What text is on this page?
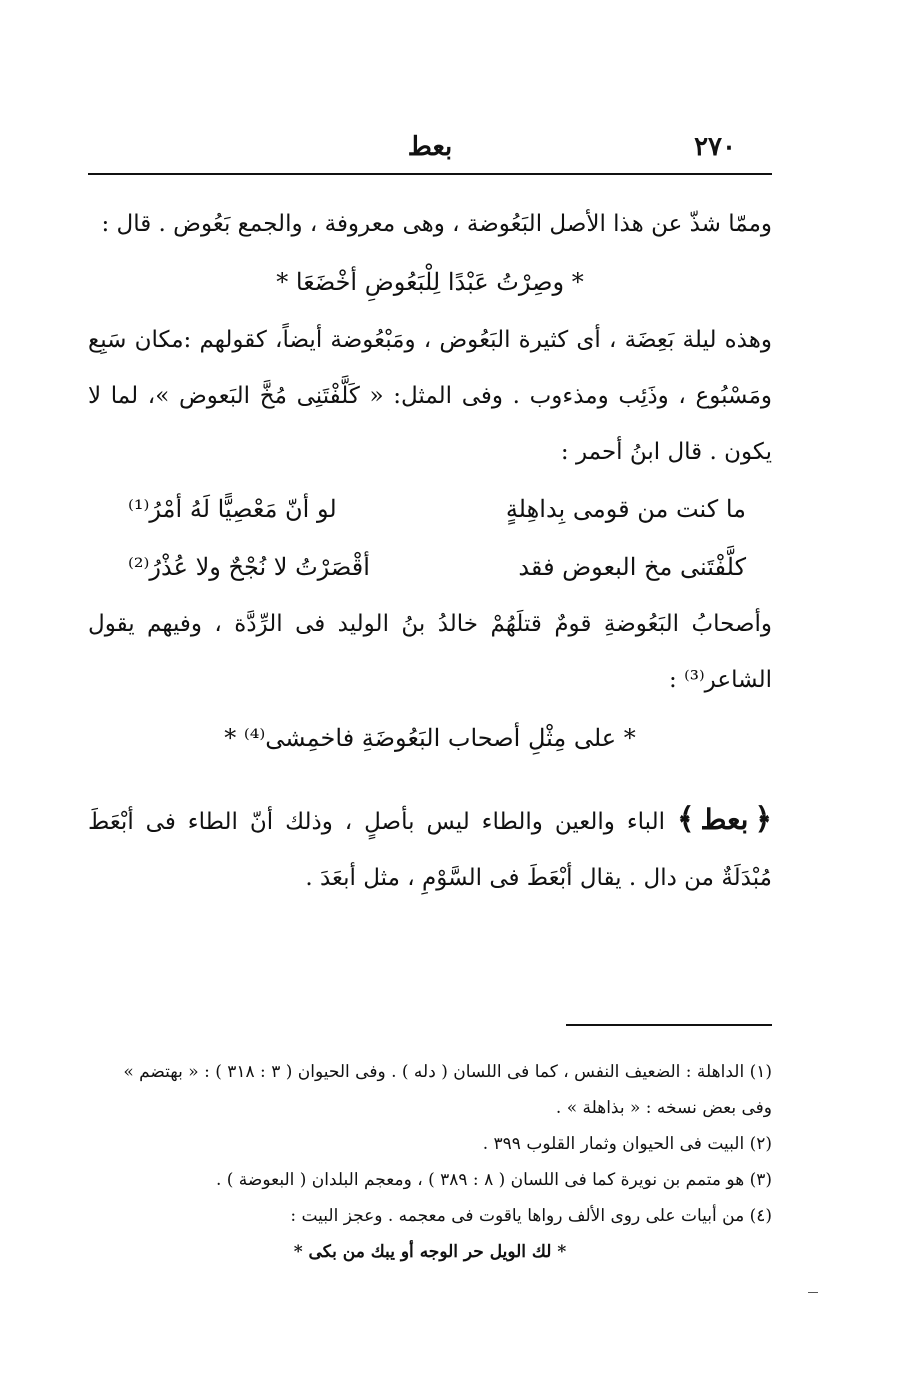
٢٧٠
بعط

وممّا شذّ عن هذا الأصل البَعُوضة ، وهى معروفة ، والجمع بَعُوض . قال :

* وصِرْتُ عَبْدًا لِلْبَعُوضِ أخْضَعَا *

وهذه ليلة بَعِضَة ، أى كثيرة البَعُوض ، ومَبْعُوضة أيضاً، كقولهم :مكان سَبِع ومَسْبُوع ، وذَئِب ومذءوب . وفى المثل: « كَلَّفْتَنِى مُخَّ البَعوض »، لما لا يكون . قال ابنُ أحمر :

ما كنت من قومى بِداهِلةٍ
لو أنّ مَعْصِيًّا لَهُ أمْرُ⁽¹⁾
كلَّفْتَنى مخ البعوض فقد
أقْصَرْتُ لا نُجْحٌ ولا عُذْرُ⁽²⁾

وأصحابُ البَعُوضةِ قومٌ قتلَهُمْ خالدُ بنُ الوليد فى الرِّدَّة ، وفيهم يقول الشاعر⁽³⁾ :

* على مِثْلِ أصحاب البَعُوضَةِ فاخمِشى⁽⁴⁾ *

﴿بعط﴾ الباء والعين والطاء ليس بأصلٍ ، وذلك أنّ الطاء فى أبْعَطَ مُبْدَلَةٌ من دال . يقال أبْعَطَ فى السَّوْمِ ، مثل أبعَدَ .

(١) الداهلة : الضعيف النفس ، كما فى اللسان ( دله ) . وفى الحيوان ( ٣ : ٣١٨ ) : « بهتضم »

وفى بعض نسخه : « بذاهلة » .

(٢) البيت فى الحيوان وثمار القلوب ٣٩٩ .

(٣) هو متمم بن نويرة كما فى اللسان ( ٨ : ٣٨٩ ) ، ومعجم البلدان ( البعوضة ) .

(٤) من أبيات على روى الألف رواها ياقوت فى معجمه . وعجز البيت :

* لك الويل حر الوجه أو يبك من بكى *
